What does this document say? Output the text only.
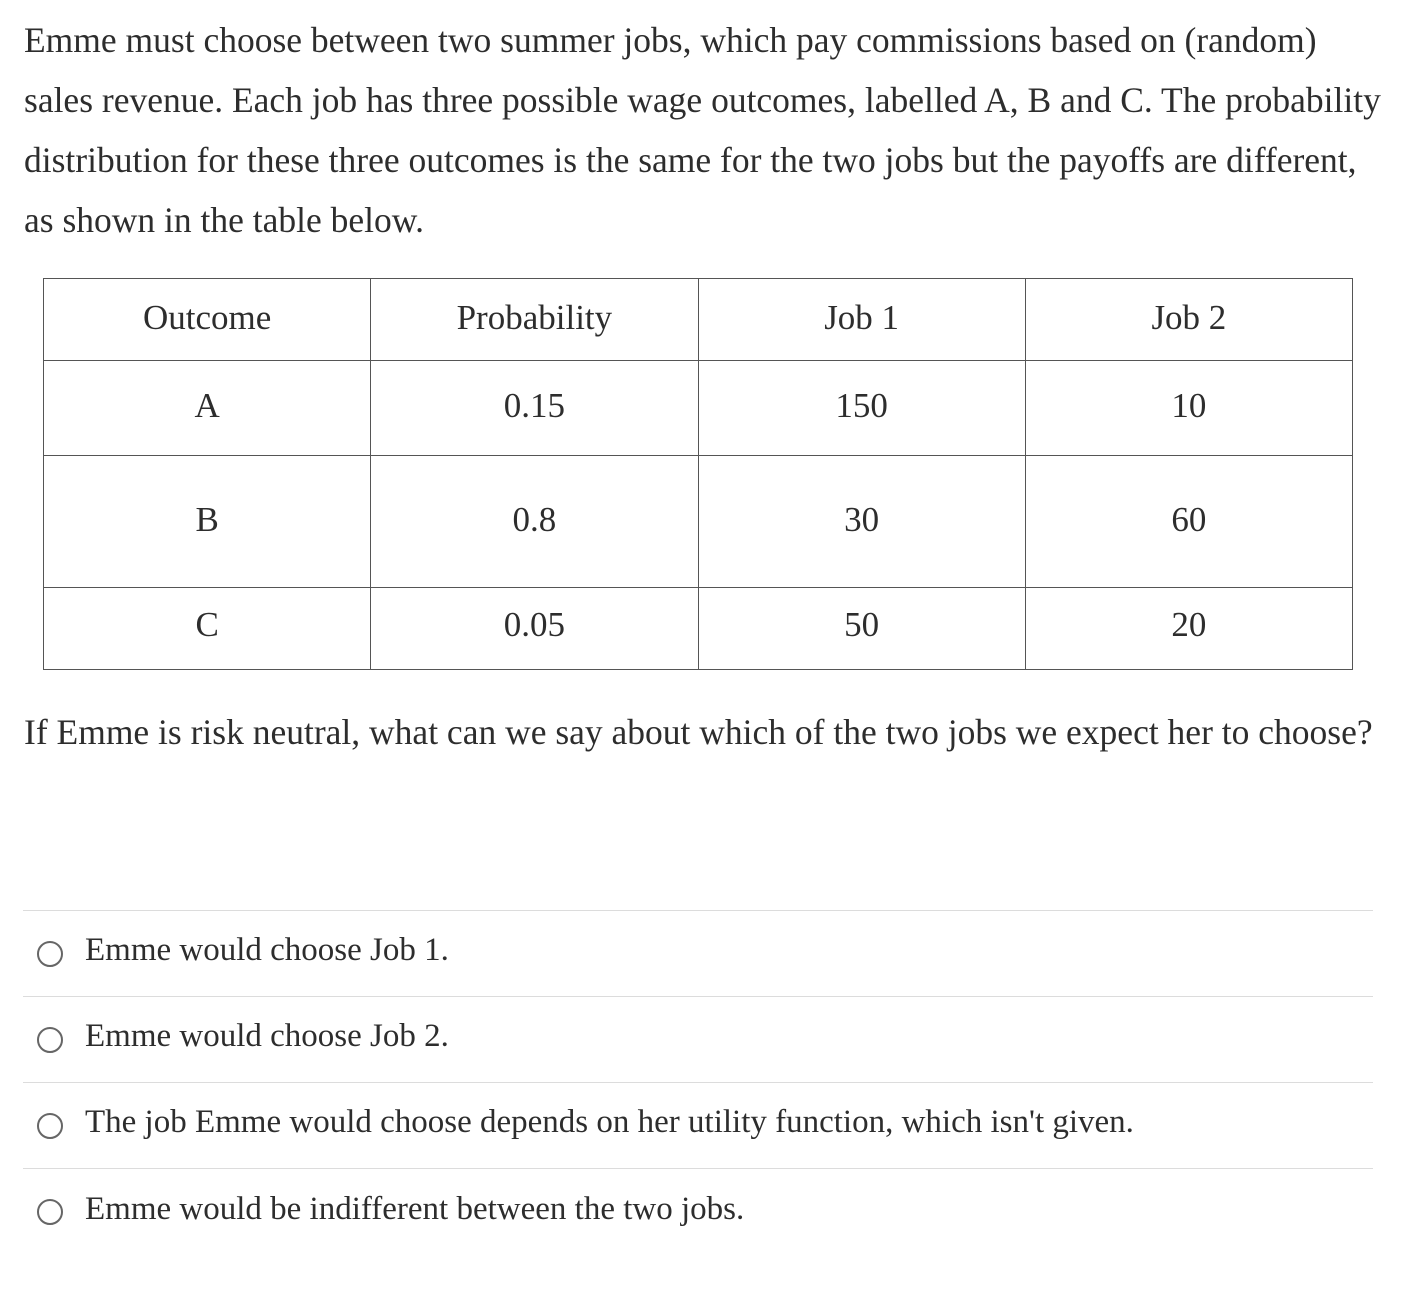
Emme must choose between two summer jobs, which pay commissions based on (random) sales revenue. Each job has three possible wage outcomes, labelled A, B and C. The probability distribution for these three outcomes is the same for the two jobs but the payoffs are different, as shown in the table below.

Outcome	Probability	Job 1	Job 2
A	0.15	150	10
B	0.8	30	60
C	0.05	50	20

If Emme is risk neutral, what can we say about which of the two jobs we expect her to choose?

Emme would choose Job 1.
Emme would choose Job 2.
The job Emme would choose depends on her utility function, which isn't given.
Emme would be indifferent between the two jobs.
